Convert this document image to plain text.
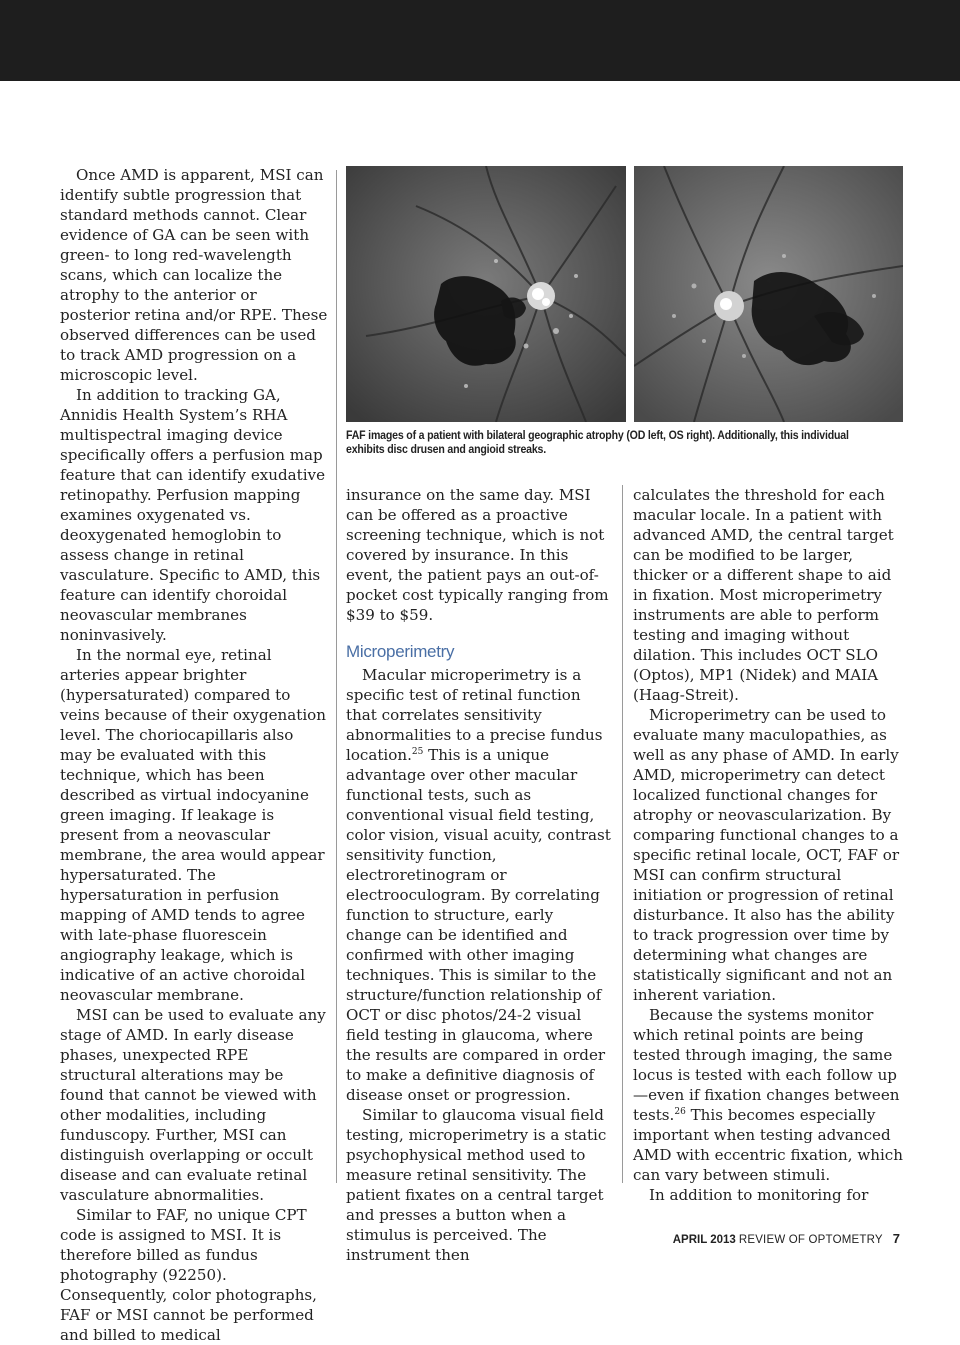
Once AMD is apparent, MSI can identify subtle progression that standard methods cannot. Clear evidence of GA can be seen with green- to long red-wavelength scans, which can localize the atrophy to the anterior or posterior retina and/or RPE. These observed differences can be used to track AMD progression on a microscopic level.

In addition to tracking GA, Annidis Health System’s RHA multispectral imaging device specifically offers a perfusion map feature that can identify exudative retinopathy. Perfusion mapping examines oxygenated vs. deoxygenated hemoglobin to assess change in retinal vasculature. Specific to AMD, this feature can identify choroidal neovascular membranes noninvasively.

In the normal eye, retinal arteries appear brighter (hypersaturated) compared to veins because of their oxygenation level. The choriocapillaris also may be evaluated with this technique, which has been described as virtual indocyanine green imaging. If leakage is present from a neovascular membrane, the area would appear hypersaturated. The hypersaturation in perfusion mapping of AMD tends to agree with late-phase fluorescein angiography leakage, which is indicative of an active choroidal neovascular membrane.

MSI can be used to evaluate any stage of AMD. In early disease phases, unexpected RPE structural alterations may be found that cannot be viewed with other modalities, including funduscopy. Further, MSI can distinguish overlapping or occult disease and can evaluate retinal vasculature abnormalities.

Similar to FAF, no unique CPT code is assigned to MSI. It is therefore billed as fundus photography (92250). Consequently, color photographs, FAF or MSI cannot be performed and billed to medical

FAF images of a patient with bilateral geographic atrophy (OD left, OS right). Additionally, this individual exhibits disc drusen and angioid streaks.

insurance on the same day. MSI can be offered as a proactive screening technique, which is not covered by insurance. In this event, the patient pays an out-of-pocket cost typically ranging from $39 to $59.

Microperimetry

Macular microperimetry is a specific test of retinal function that correlates sensitivity abnormalities to a precise fundus location.$^{25}$ This is a unique advantage over other macular functional tests, such as conventional visual field testing, color vision, visual acuity, contrast sensitivity function, electroretinogram or electrooculogram. By correlating function to structure, early change can be identified and confirmed with other imaging techniques. This is similar to the structure/function relationship of OCT or disc photos/24-2 visual field testing in glaucoma, where the results are compared in order to make a definitive diagnosis of disease onset or progression.

Similar to glaucoma visual field testing, microperimetry is a static psychophysical method used to measure retinal sensitivity. The patient fixates on a central target and presses a button when a stimulus is perceived. The instrument then

calculates the threshold for each macular locale. In a patient with advanced AMD, the central target can be modified to be larger, thicker or a different shape to aid in fixation. Most microperimetry instruments are able to perform testing and imaging without dilation. This includes OCT SLO (Optos), MP1 (Nidek) and MAIA (Haag-Streit).

Microperimetry can be used to evaluate many maculopathies, as well as any phase of AMD. In early AMD, microperimetry can detect localized functional changes for atrophy or neovascularization. By comparing functional changes to a specific retinal locale, OCT, FAF or MSI can confirm structural initiation or progression of retinal disturbance. It also has the ability to track progression over time by determining what changes are statistically significant and not an inherent variation.

Because the systems monitor which retinal points are being tested through imaging, the same locus is tested with each follow up—even if fixation changes between tests.$^{26}$ This becomes especially important when testing advanced AMD with eccentric fixation, which can vary between stimuli.

In addition to monitoring for

APRIL 2013 REVIEW OF OPTOMETRY 7
